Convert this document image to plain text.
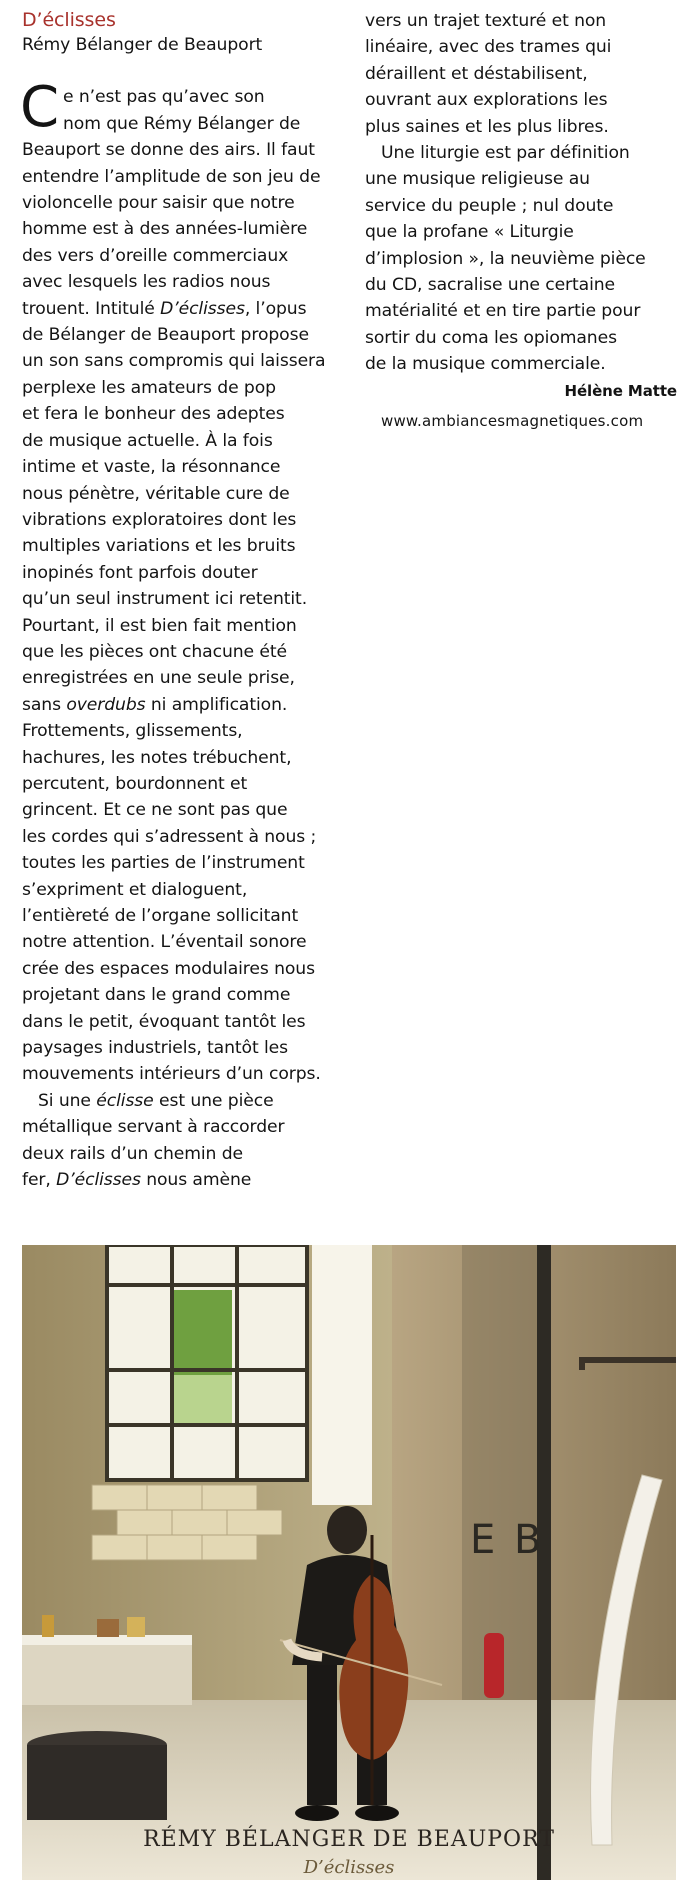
D’éclisses
Rémy Bélanger de Beauport
C e n’est pas qu’avec son
nom que Rémy Bélanger de
Beauport se donne des airs. Il faut
entendre l’amplitude de son jeu de
violoncelle pour saisir que notre
homme est à des années-lumière
des vers d’oreille commerciaux
avec lesquels les radios nous
trouent. Intitulé D’éclisses, l’opus
de Bélanger de Beauport propose
un son sans compromis qui laissera
perplexe les amateurs de pop
et fera le bonheur des adeptes
de musique actuelle. À la fois
intime et vaste, la résonnance
nous pénètre, véritable cure de
vibrations exploratoires dont les
multiples variations et les bruits
inopinés font parfois douter
qu’un seul instrument ici retentit.
Pourtant, il est bien fait mention
que les pièces ont chacune été
enregistrées en une seule prise,
sans overdubs ni amplification.
Frottements, glissements,
hachures, les notes trébuchent,
percutent, bourdonnent et
grincent. Et ce ne sont pas que
les cordes qui s’adressent à nous ;
toutes les parties de l’instrument
s’expriment et dialoguent,
l’entièreté de l’organe sollicitant
notre attention. L’éventail sonore
crée des espaces modulaires nous
projetant dans le grand comme
dans le petit, évoquant tantôt les
paysages industriels, tantôt les
mouvements intérieurs d’un corps.
Si une éclisse est une pièce
métallique servant à raccorder
deux rails d’un chemin de
fer, D’éclisses nous amène
vers un trajet texturé et non
linéaire, avec des trames qui
déraillent et déstabilisent,
ouvrant aux explorations les
plus saines et les plus libres.
Une liturgie est par définition
une musique religieuse au
service du peuple ; nul doute
que la profane « Liturgie
d’implosion », la neuvième pièce
du CD, sacralise une certaine
matérialité et en tire partie pour
sortir du coma les opiomanes
de la musique commerciale.
Hélène Matte
www.ambiancesmagnetiques.com
E B
RÉMY BÉLANGER DE BEAUPORT
D’éclisses
